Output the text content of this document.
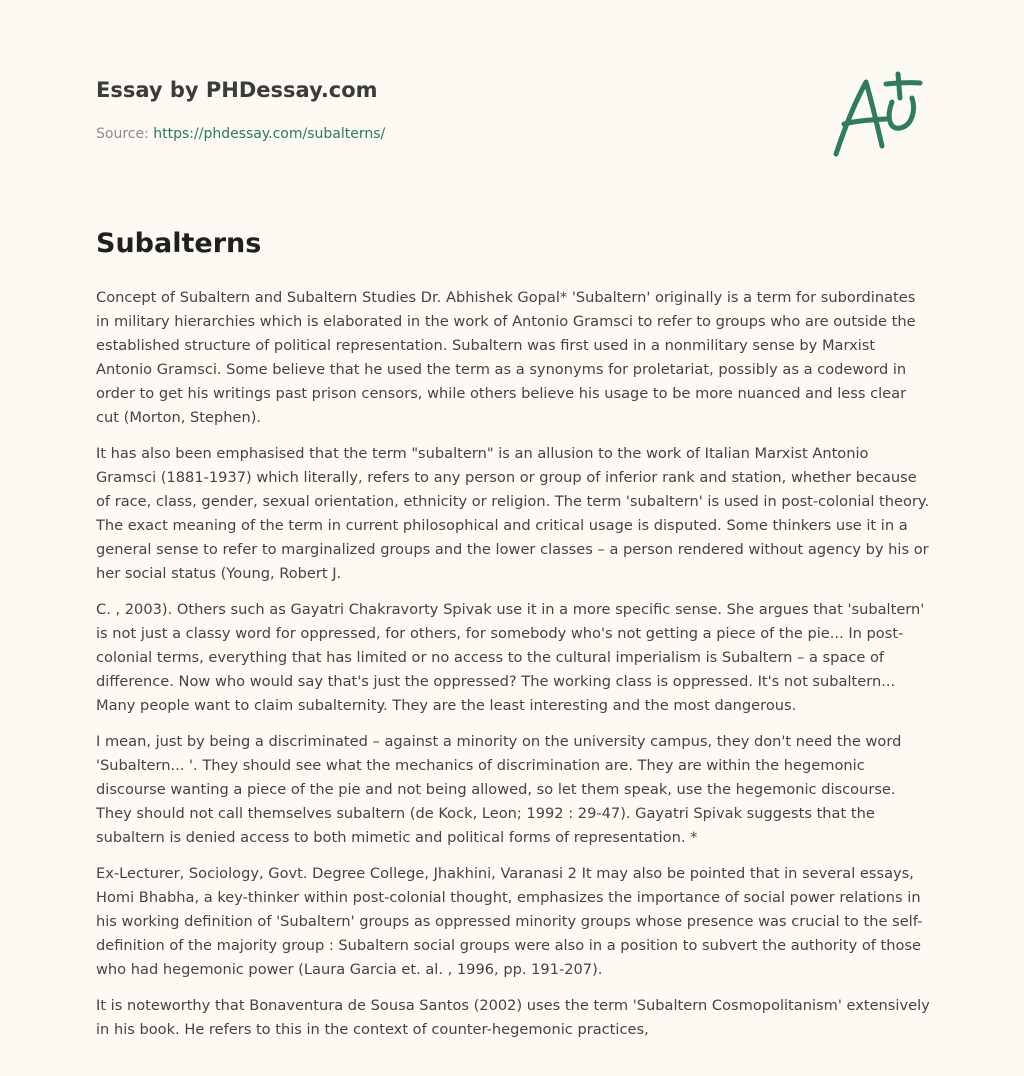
Essay by PHDessay.com
Source: https://phdessay.com/subalterns/
Subalterns

Concept of Subaltern and Subaltern Studies Dr. Abhishek Gopal* 'Subaltern' originally is a term for subordinates in military hierarchies which is elaborated in the work of Antonio Gramsci to refer to groups who are outside the established structure of political representation. Subaltern was first used in a nonmilitary sense by Marxist Antonio Gramsci. Some believe that he used the term as a synonyms for proletariat, possibly as a codeword in order to get his writings past prison censors, while others believe his usage to be more nuanced and less clear cut (Morton, Stephen).

It has also been emphasised that the term "subaltern" is an allusion to the work of Italian Marxist Antonio Gramsci (1881-1937) which literally, refers to any person or group of inferior rank and station, whether because of race, class, gender, sexual orientation, ethnicity or religion. The term 'subaltern' is used in post-colonial theory. The exact meaning of the term in current philosophical and critical usage is disputed. Some thinkers use it in a general sense to refer to marginalized groups and the lower classes – a person rendered without agency by his or her social status (Young, Robert J.

C. , 2003). Others such as Gayatri Chakravorty Spivak use it in a more specific sense. She argues that 'subaltern' is not just a classy word for oppressed, for others, for somebody who's not getting a piece of the pie... In post-colonial terms, everything that has limited or no access to the cultural imperialism is Subaltern – a space of difference. Now who would say that's just the oppressed? The working class is oppressed. It's not subaltern... Many people want to claim subalternity. They are the least interesting and the most dangerous.

I mean, just by being a discriminated – against a minority on the university campus, they don't need the word 'Subaltern... '. They should see what the mechanics of discrimination are. They are within the hegemonic discourse wanting a piece of the pie and not being allowed, so let them speak, use the hegemonic discourse. They should not call themselves subaltern (de Kock, Leon; 1992 : 29-47). Gayatri Spivak suggests that the subaltern is denied access to both mimetic and political forms of representation. *

Ex-Lecturer, Sociology, Govt. Degree College, Jhakhini, Varanasi 2 It may also be pointed that in several essays, Homi Bhabha, a key-thinker within post-colonial thought, emphasizes the importance of social power relations in his working definition of 'Subaltern' groups as oppressed minority groups whose presence was crucial to the self-definition of the majority group : Subaltern social groups were also in a position to subvert the authority of those who had hegemonic power (Laura Garcia et. al. , 1996, pp. 191-207).

It is noteworthy that Bonaventura de Sousa Santos (2002) uses the term 'Subaltern Cosmopolitanism' extensively in his book. He refers to this in the context of counter-hegemonic practices,
